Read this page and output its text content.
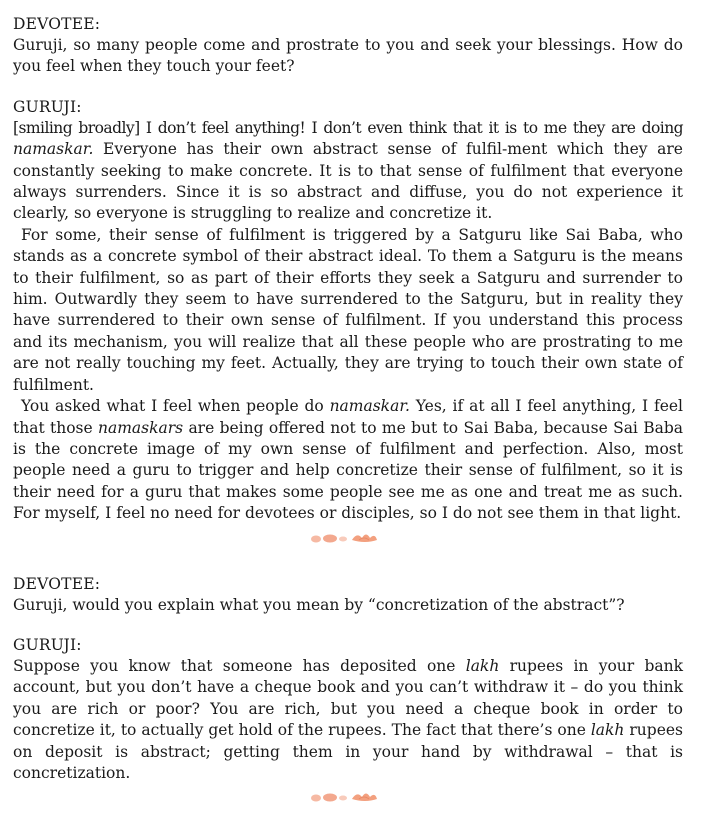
DEVOTEE:

Guruji, so many people come and prostrate to you and seek your blessings. How do you feel when they touch your feet?

GURUJI:

[smiling broadly] I don’t feel anything! I don’t even think that it is to me they are doing namaskar. Everyone has their own abstract sense of fulfil-ment which they are constantly seeking to make concrete. It is to that sense of fulfilment that everyone always surrenders. Since it is so abstract and diffuse, you do not experience it clearly, so everyone is struggling to realize and concretize it.

For some, their sense of fulfilment is triggered by a Satguru like Sai Baba, who stands as a concrete symbol of their abstract ideal. To them a Satguru is the means to their fulfilment, so as part of their efforts they seek a Satguru and surrender to him. Outwardly they seem to have surrendered to the Satguru, but in reality they have surrendered to their own sense of fulfilment. If you understand this process and its mechanism, you will realize that all these people who are prostrating to me are not really touching my feet. Actually, they are trying to touch their own state of fulfilment.

You asked what I feel when people do namaskar. Yes, if at all I feel anything, I feel that those namaskars are being offered not to me but to Sai Baba, because Sai Baba is the concrete image of my own sense of fulfilment and perfection. Also, most people need a guru to trigger and help concretize their sense of fulfilment, so it is their need for a guru that makes some people see me as one and treat me as such. For myself, I feel no need for devotees or disciples, so I do not see them in that light.

DEVOTEE:

Guruji, would you explain what you mean by “concretization of the abstract”?

GURUJI:

Suppose you know that someone has deposited one lakh rupees in your bank account, but you don’t have a cheque book and you can’t withdraw it – do you think you are rich or poor? You are rich, but you need a cheque book in order to concretize it, to actually get hold of the rupees. The fact that there’s one lakh rupees on deposit is abstract; getting them in your hand by withdrawal – that is concretization.
